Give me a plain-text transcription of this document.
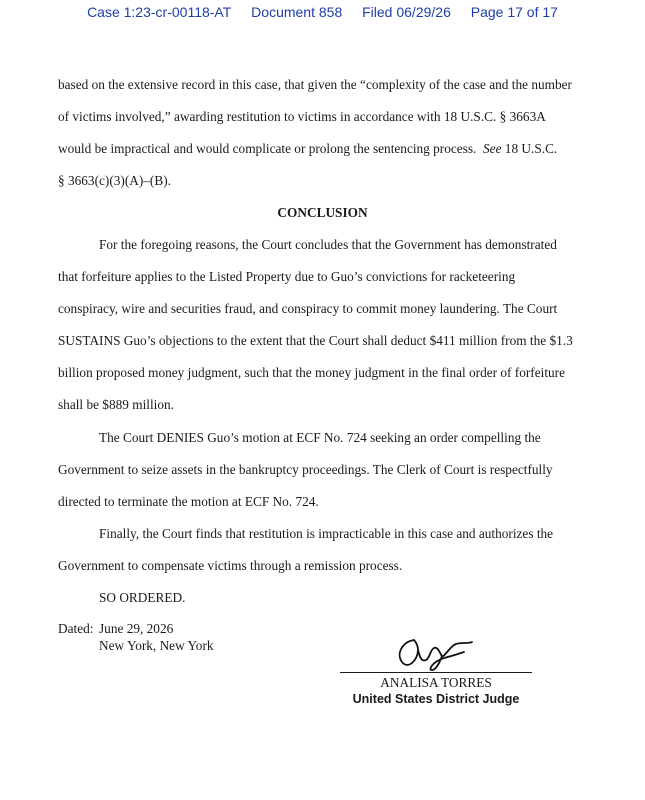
Case 1:23-cr-00118-AT Document 858 Filed 06/29/26 Page 17 of 17
based on the extensive record in this case, that given the “complexity of the case and the number
of victims involved,” awarding restitution to victims in accordance with 18 U.S.C. § 3663A
would be impractical and would complicate or prolong the sentencing process. See 18 U.S.C.
§ 3663(c)(3)(A)–(B).
CONCLUSION
For the foregoing reasons, the Court concludes that the Government has demonstrated
that forfeiture applies to the Listed Property due to Guo’s convictions for racketeering
conspiracy, wire and securities fraud, and conspiracy to commit money laundering. The Court
SUSTAINS Guo’s objections to the extent that the Court shall deduct $411 million from the $1.3
billion proposed money judgment, such that the money judgment in the final order of forfeiture
shall be $889 million.
The Court DENIES Guo’s motion at ECF No. 724 seeking an order compelling the
Government to seize assets in the bankruptcy proceedings. The Clerk of Court is respectfully
directed to terminate the motion at ECF No. 724.
Finally, the Court finds that restitution is impracticable in this case and authorizes the
Government to compensate victims through a remission process.
SO ORDERED.
Dated: June 29, 2026
New York, New York
ANALISA TORRES
United States District Judge
